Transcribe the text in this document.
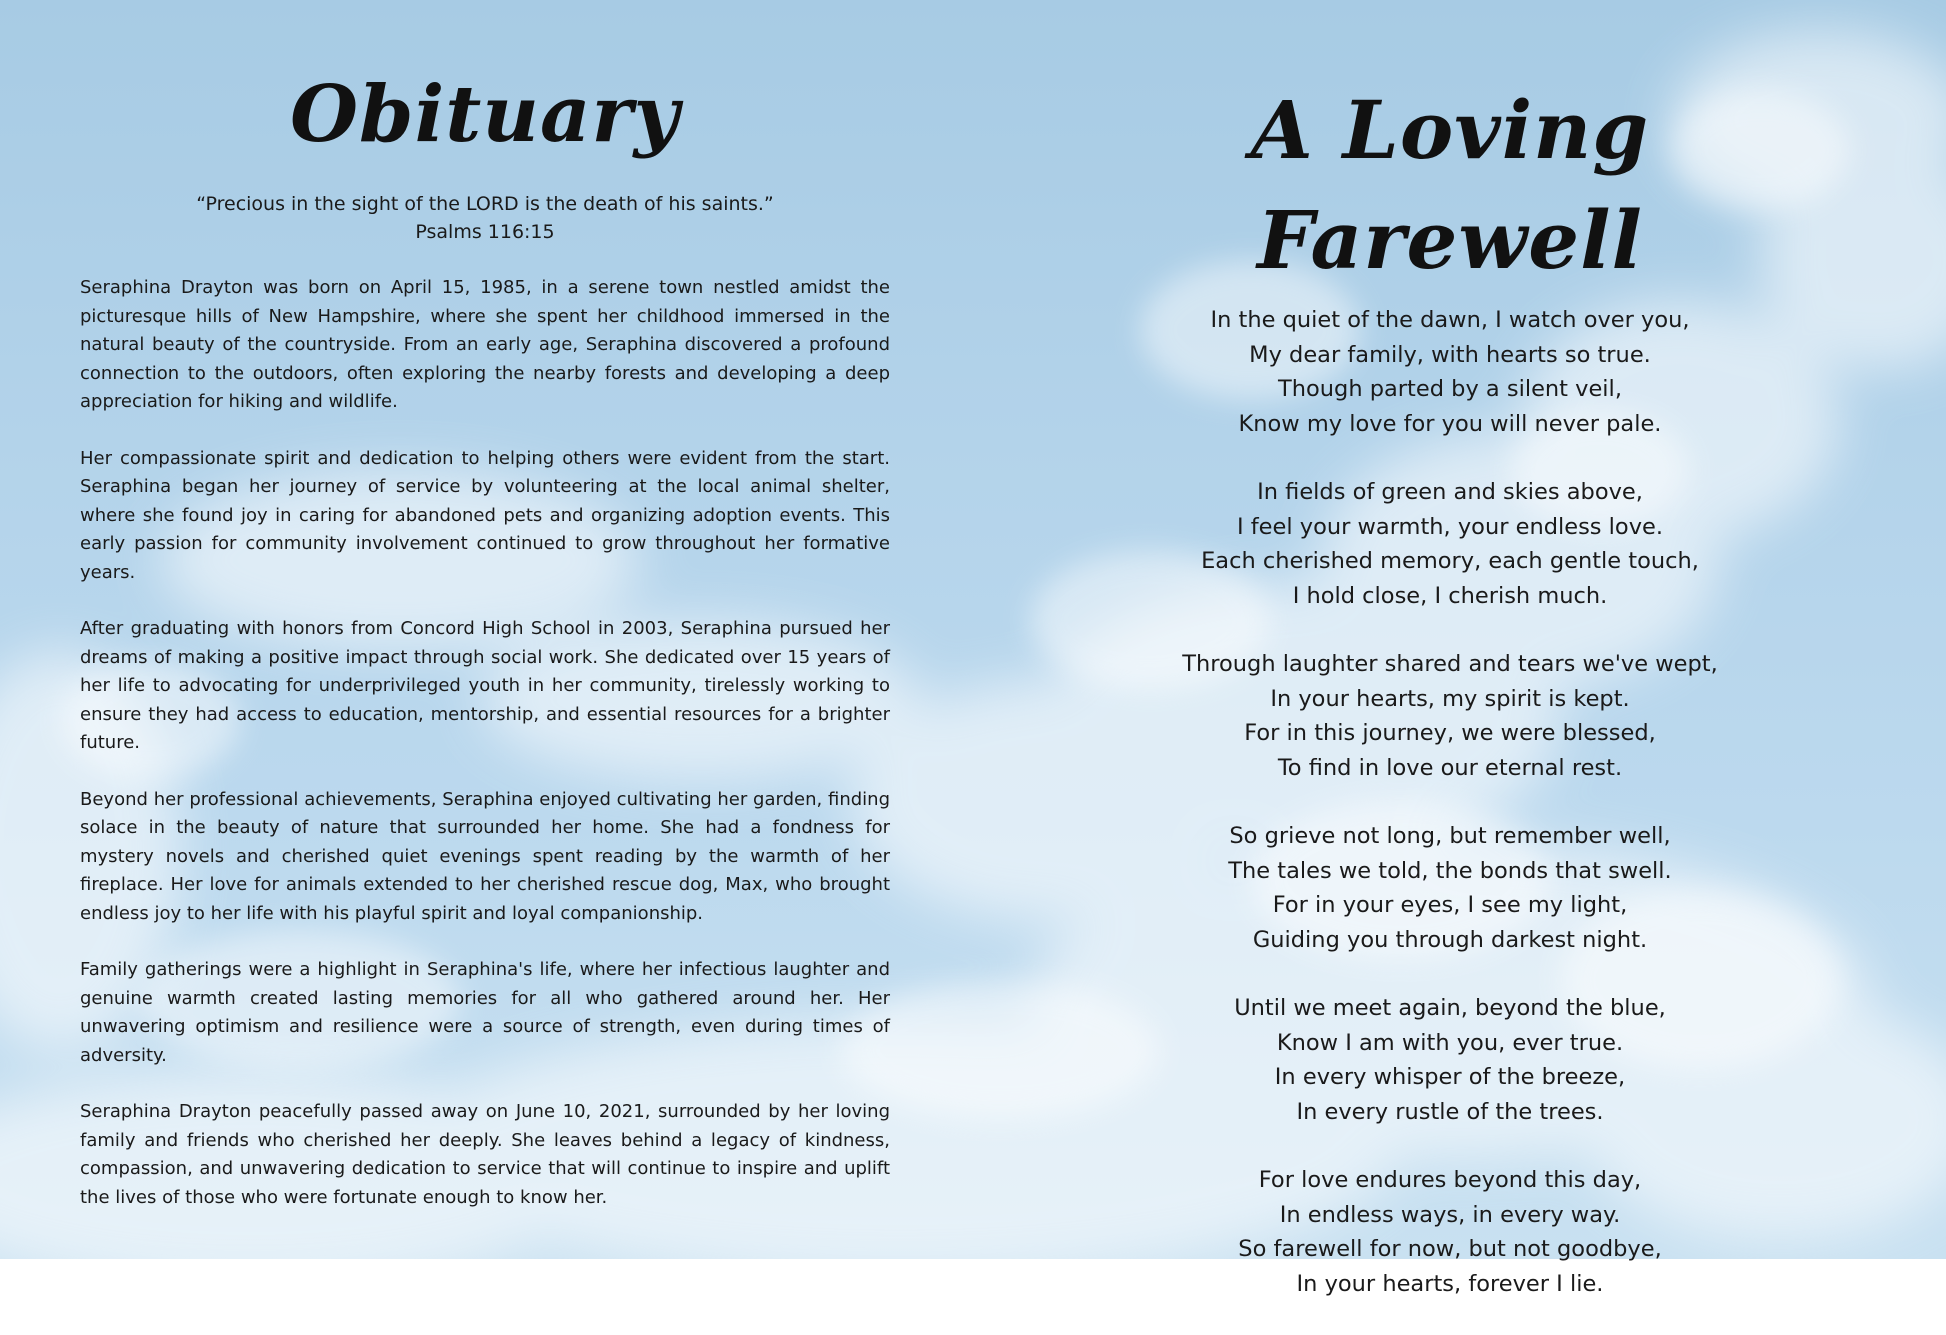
Obituary
“Precious in the sight of the LORD is the death of his saints.”
Psalms 116:15

Seraphina Drayton was born on April 15, 1985, in a serene town nestled amidst the picturesque hills of New Hampshire, where she spent her childhood immersed in the natural beauty of the countryside. From an early age, Seraphina discovered a profound connection to the outdoors, often exploring the nearby forests and developing a deep appreciation for hiking and wildlife.

Her compassionate spirit and dedication to helping others were evident from the start. Seraphina began her journey of service by volunteering at the local animal shelter, where she found joy in caring for abandoned pets and organizing adoption events. This early passion for community involvement continued to grow throughout her formative years.

After graduating with honors from Concord High School in 2003, Seraphina pursued her dreams of making a positive impact through social work. She dedicated over 15 years of her life to advocating for underprivileged youth in her community, tirelessly working to ensure they had access to education, mentorship, and essential resources for a brighter future.

Beyond her professional achievements, Seraphina enjoyed cultivating her garden, finding solace in the beauty of nature that surrounded her home. She had a fondness for mystery novels and cherished quiet evenings spent reading by the warmth of her fireplace. Her love for animals extended to her cherished rescue dog, Max, who brought endless joy to her life with his playful spirit and loyal companionship.

Family gatherings were a highlight in Seraphina's life, where her infectious laughter and genuine warmth created lasting memories for all who gathered around her. Her unwavering optimism and resilience were a source of strength, even during times of adversity.

Seraphina Drayton peacefully passed away on June 10, 2021, surrounded by her loving family and friends who cherished her deeply. She leaves behind a legacy of kindness, compassion, and unwavering dedication to service that will continue to inspire and uplift the lives of those who were fortunate enough to know her.

A Loving Farewell
In the quiet of the dawn, I watch over you,
My dear family, with hearts so true.
Though parted by a silent veil,
Know my love for you will never pale.
In fields of green and skies above,
I feel your warmth, your endless love.
Each cherished memory, each gentle touch,
I hold close, I cherish much.
Through laughter shared and tears we've wept,
In your hearts, my spirit is kept.
For in this journey, we were blessed,
To find in love our eternal rest.
So grieve not long, but remember well,
The tales we told, the bonds that swell.
For in your eyes, I see my light,
Guiding you through darkest night.
Until we meet again, beyond the blue,
Know I am with you, ever true.
In every whisper of the breeze,
In every rustle of the trees.
For love endures beyond this day,
In endless ways, in every way.
So farewell for now, but not goodbye,
In your hearts, forever I lie.
